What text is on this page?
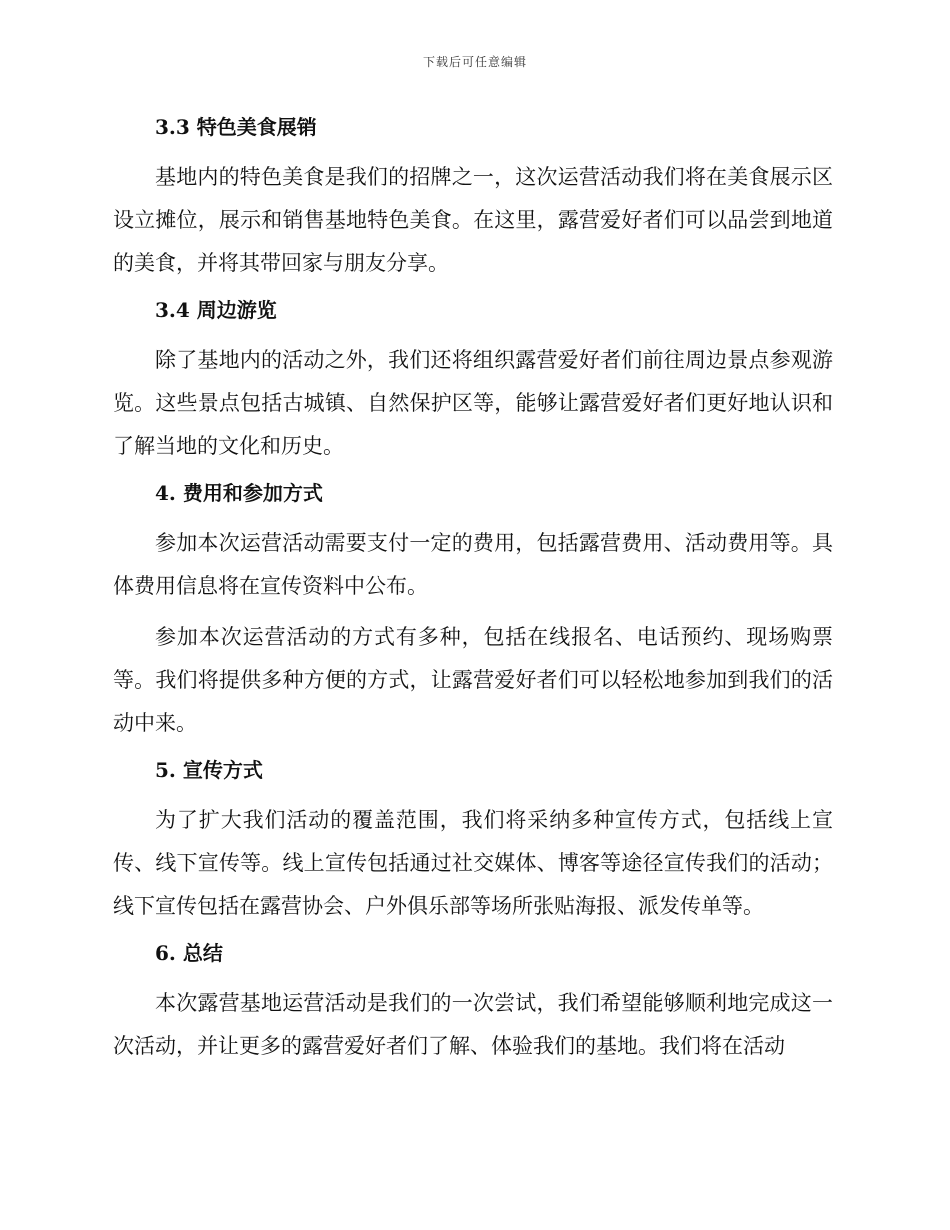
下载后可任意编辑
3.3 特色美食展销

基地内的特色美食是我们的招牌之一，这次运营活动我们将在美食展示区设立摊位，展示和销售基地特色美食。在这里，露营爱好者们可以品尝到地道的美食，并将其带回家与朋友分享。

3.4 周边游览

除了基地内的活动之外，我们还将组织露营爱好者们前往周边景点参观游览。这些景点包括古城镇、自然保护区等，能够让露营爱好者们更好地认识和了解当地的文化和历史。

4. 费用和参加方式

参加本次运营活动需要支付一定的费用，包括露营费用、活动费用等。具体费用信息将在宣传资料中公布。

参加本次运营活动的方式有多种，包括在线报名、电话预约、现场购票等。我们将提供多种方便的方式，让露营爱好者们可以轻松地参加到我们的活动中来。

5. 宣传方式

为了扩大我们活动的覆盖范围，我们将采纳多种宣传方式，包括线上宣传、线下宣传等。线上宣传包括通过社交媒体、博客等途径宣传我们的活动；线下宣传包括在露营协会、户外俱乐部等场所张贴海报、派发传单等。

6. 总结

本次露营基地运营活动是我们的一次尝试，我们希望能够顺利地完成这一次活动，并让更多的露营爱好者们了解、体验我们的基地。我们将在活动
